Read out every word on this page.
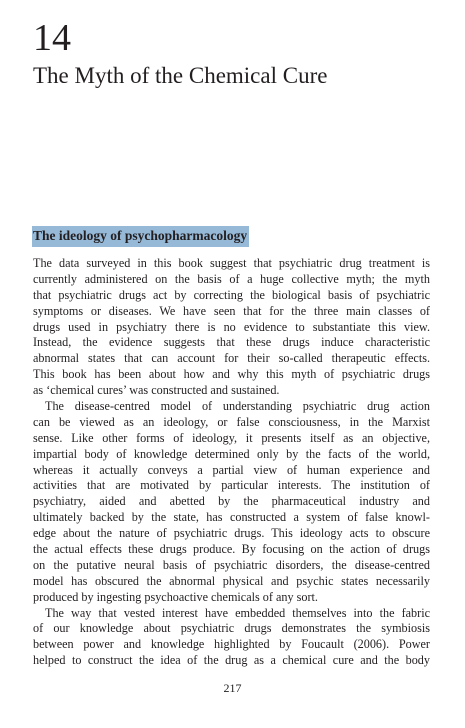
14
The Myth of the Chemical Cure
The ideology of psychopharmacology
The data surveyed in this book suggest that psychiatric drug treatment is
currently administered on the basis of a huge collective myth; the myth
that psychiatric drugs act by correcting the biological basis of psychiatric
symptoms or diseases. We have seen that for the three main classes of
drugs used in psychiatry there is no evidence to substantiate this view.
Instead, the evidence suggests that these drugs induce characteristic
abnormal states that can account for their so-called therapeutic effects.
This book has been about how and why this myth of psychiatric drugs
as ‘chemical cures’ was constructed and sustained.
The disease-centred model of understanding psychiatric drug action
can be viewed as an ideology, or false consciousness, in the Marxist
sense. Like other forms of ideology, it presents itself as an objective,
impartial body of knowledge determined only by the facts of the world,
whereas it actually conveys a partial view of human experience and
activities that are motivated by particular interests. The institution of
psychiatry, aided and abetted by the pharmaceutical industry and
ultimately backed by the state, has constructed a system of false knowl-
edge about the nature of psychiatric drugs. This ideology acts to obscure
the actual effects these drugs produce. By focusing on the action of drugs
on the putative neural basis of psychiatric disorders, the disease-centred
model has obscured the abnormal physical and psychic states necessarily
produced by ingesting psychoactive chemicals of any sort.
The way that vested interest have embedded themselves into the fabric
of our knowledge about psychiatric drugs demonstrates the symbiosis
between power and knowledge highlighted by Foucault (2006). Power
helped to construct the idea of the drug as a chemical cure and the body
217
